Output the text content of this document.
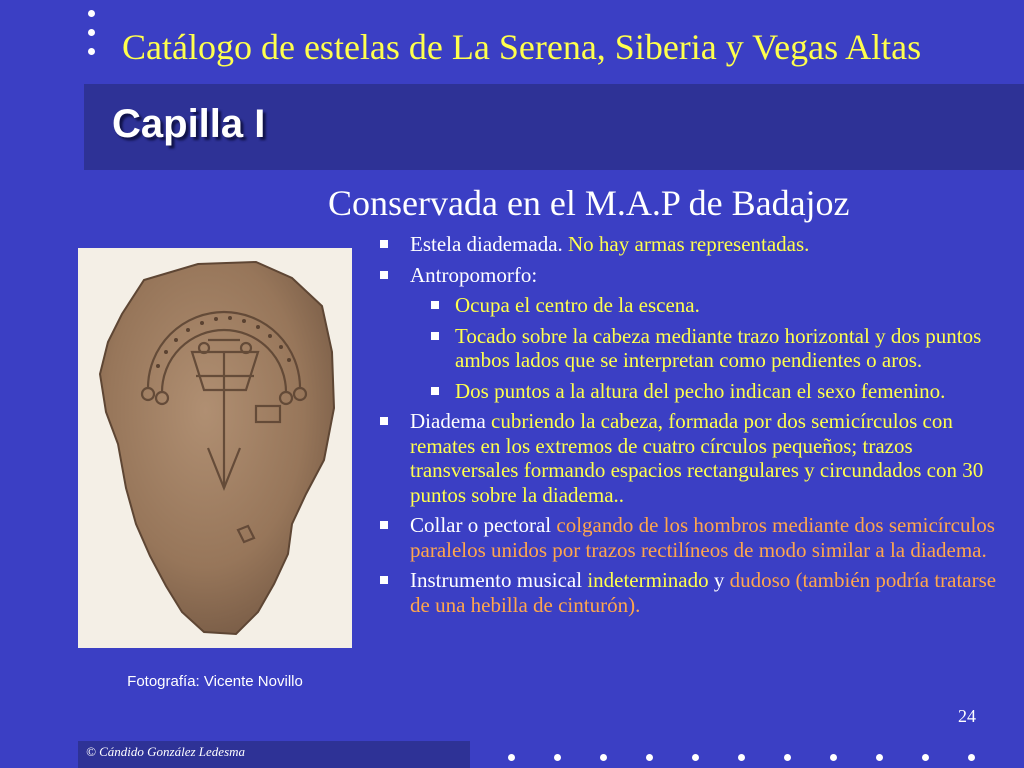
Catálogo de estelas de La Serena, Siberia y Vegas Altas
Capilla I
Conservada en el M.A.P de Badajoz
Fotografía: Vicente Novillo
Estela diademada. No hay armas representadas.
Antropomorfo:
Ocupa el centro de la escena.
Tocado sobre la cabeza mediante trazo horizontal y dos puntos ambos lados que se interpretan como pendientes o aros.
Dos puntos a la altura del pecho indican el sexo femenino.
Diadema cubriendo la cabeza, formada por dos semicírculos con remates en los extremos de cuatro círculos pequeños; trazos transversales formando espacios rectangulares y circundados con 30 puntos sobre la diadema..
Collar o pectoral colgando de los hombros mediante dos semicírculos paralelos unidos por trazos rectilíneos de modo similar a la diadema.
Instrumento musical indeterminado y dudoso (también podría tratarse de una hebilla de cinturón).
24
© Cándido González Ledesma
